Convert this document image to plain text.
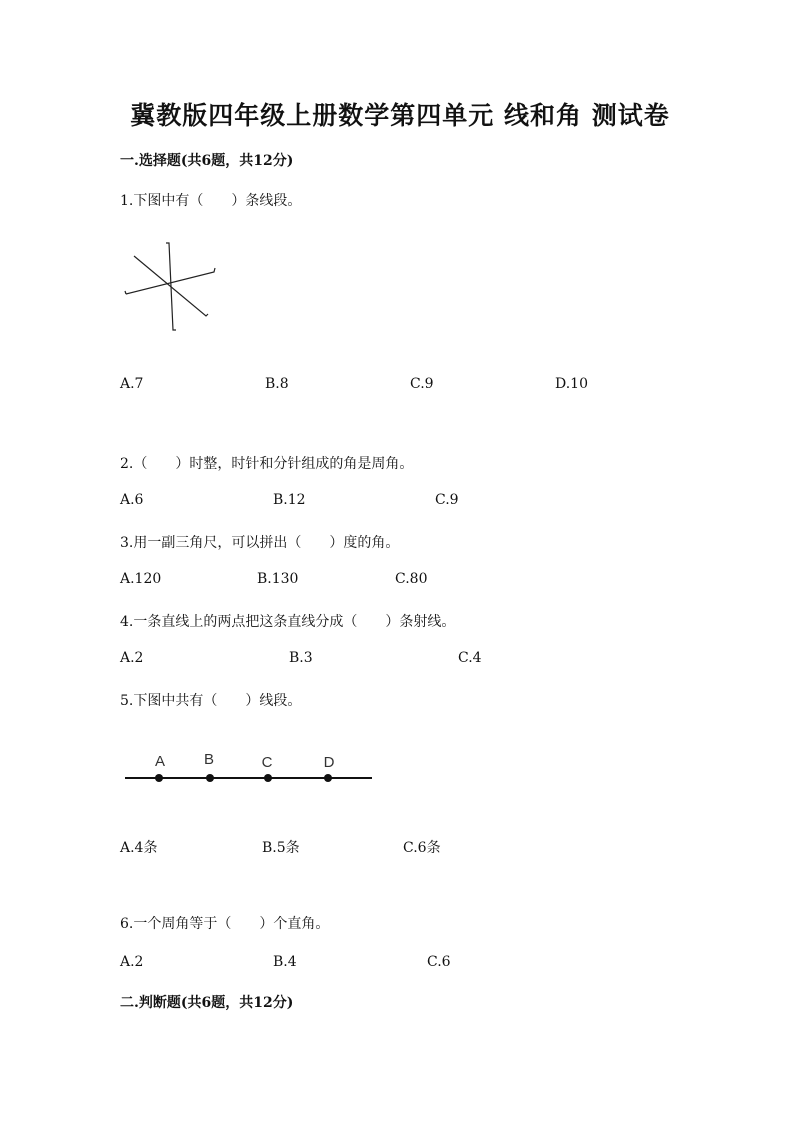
冀教版四年级上册数学第四单元 线和角 测试卷
一.选择题(共6题，共12分)
1.下图中有（　　）条线段。
A.7	B.8	C.9	D.10
2.（　　）时整，时针和分针组成的角是周角。
A.6	B.12	C.9
3.用一副三角尺，可以拼出（　　）度的角。
A.120	B.130	C.80
4.一条直线上的两点把这条直线分成（　　）条射线。
A.2	B.3	C.4
5.下图中共有（　　）线段。
A	B	C	D
A.4条	B.5条	C.6条
6.一个周角等于（　　）个直角。
A.2	B.4	C.6
二.判断题(共6题，共12分)
